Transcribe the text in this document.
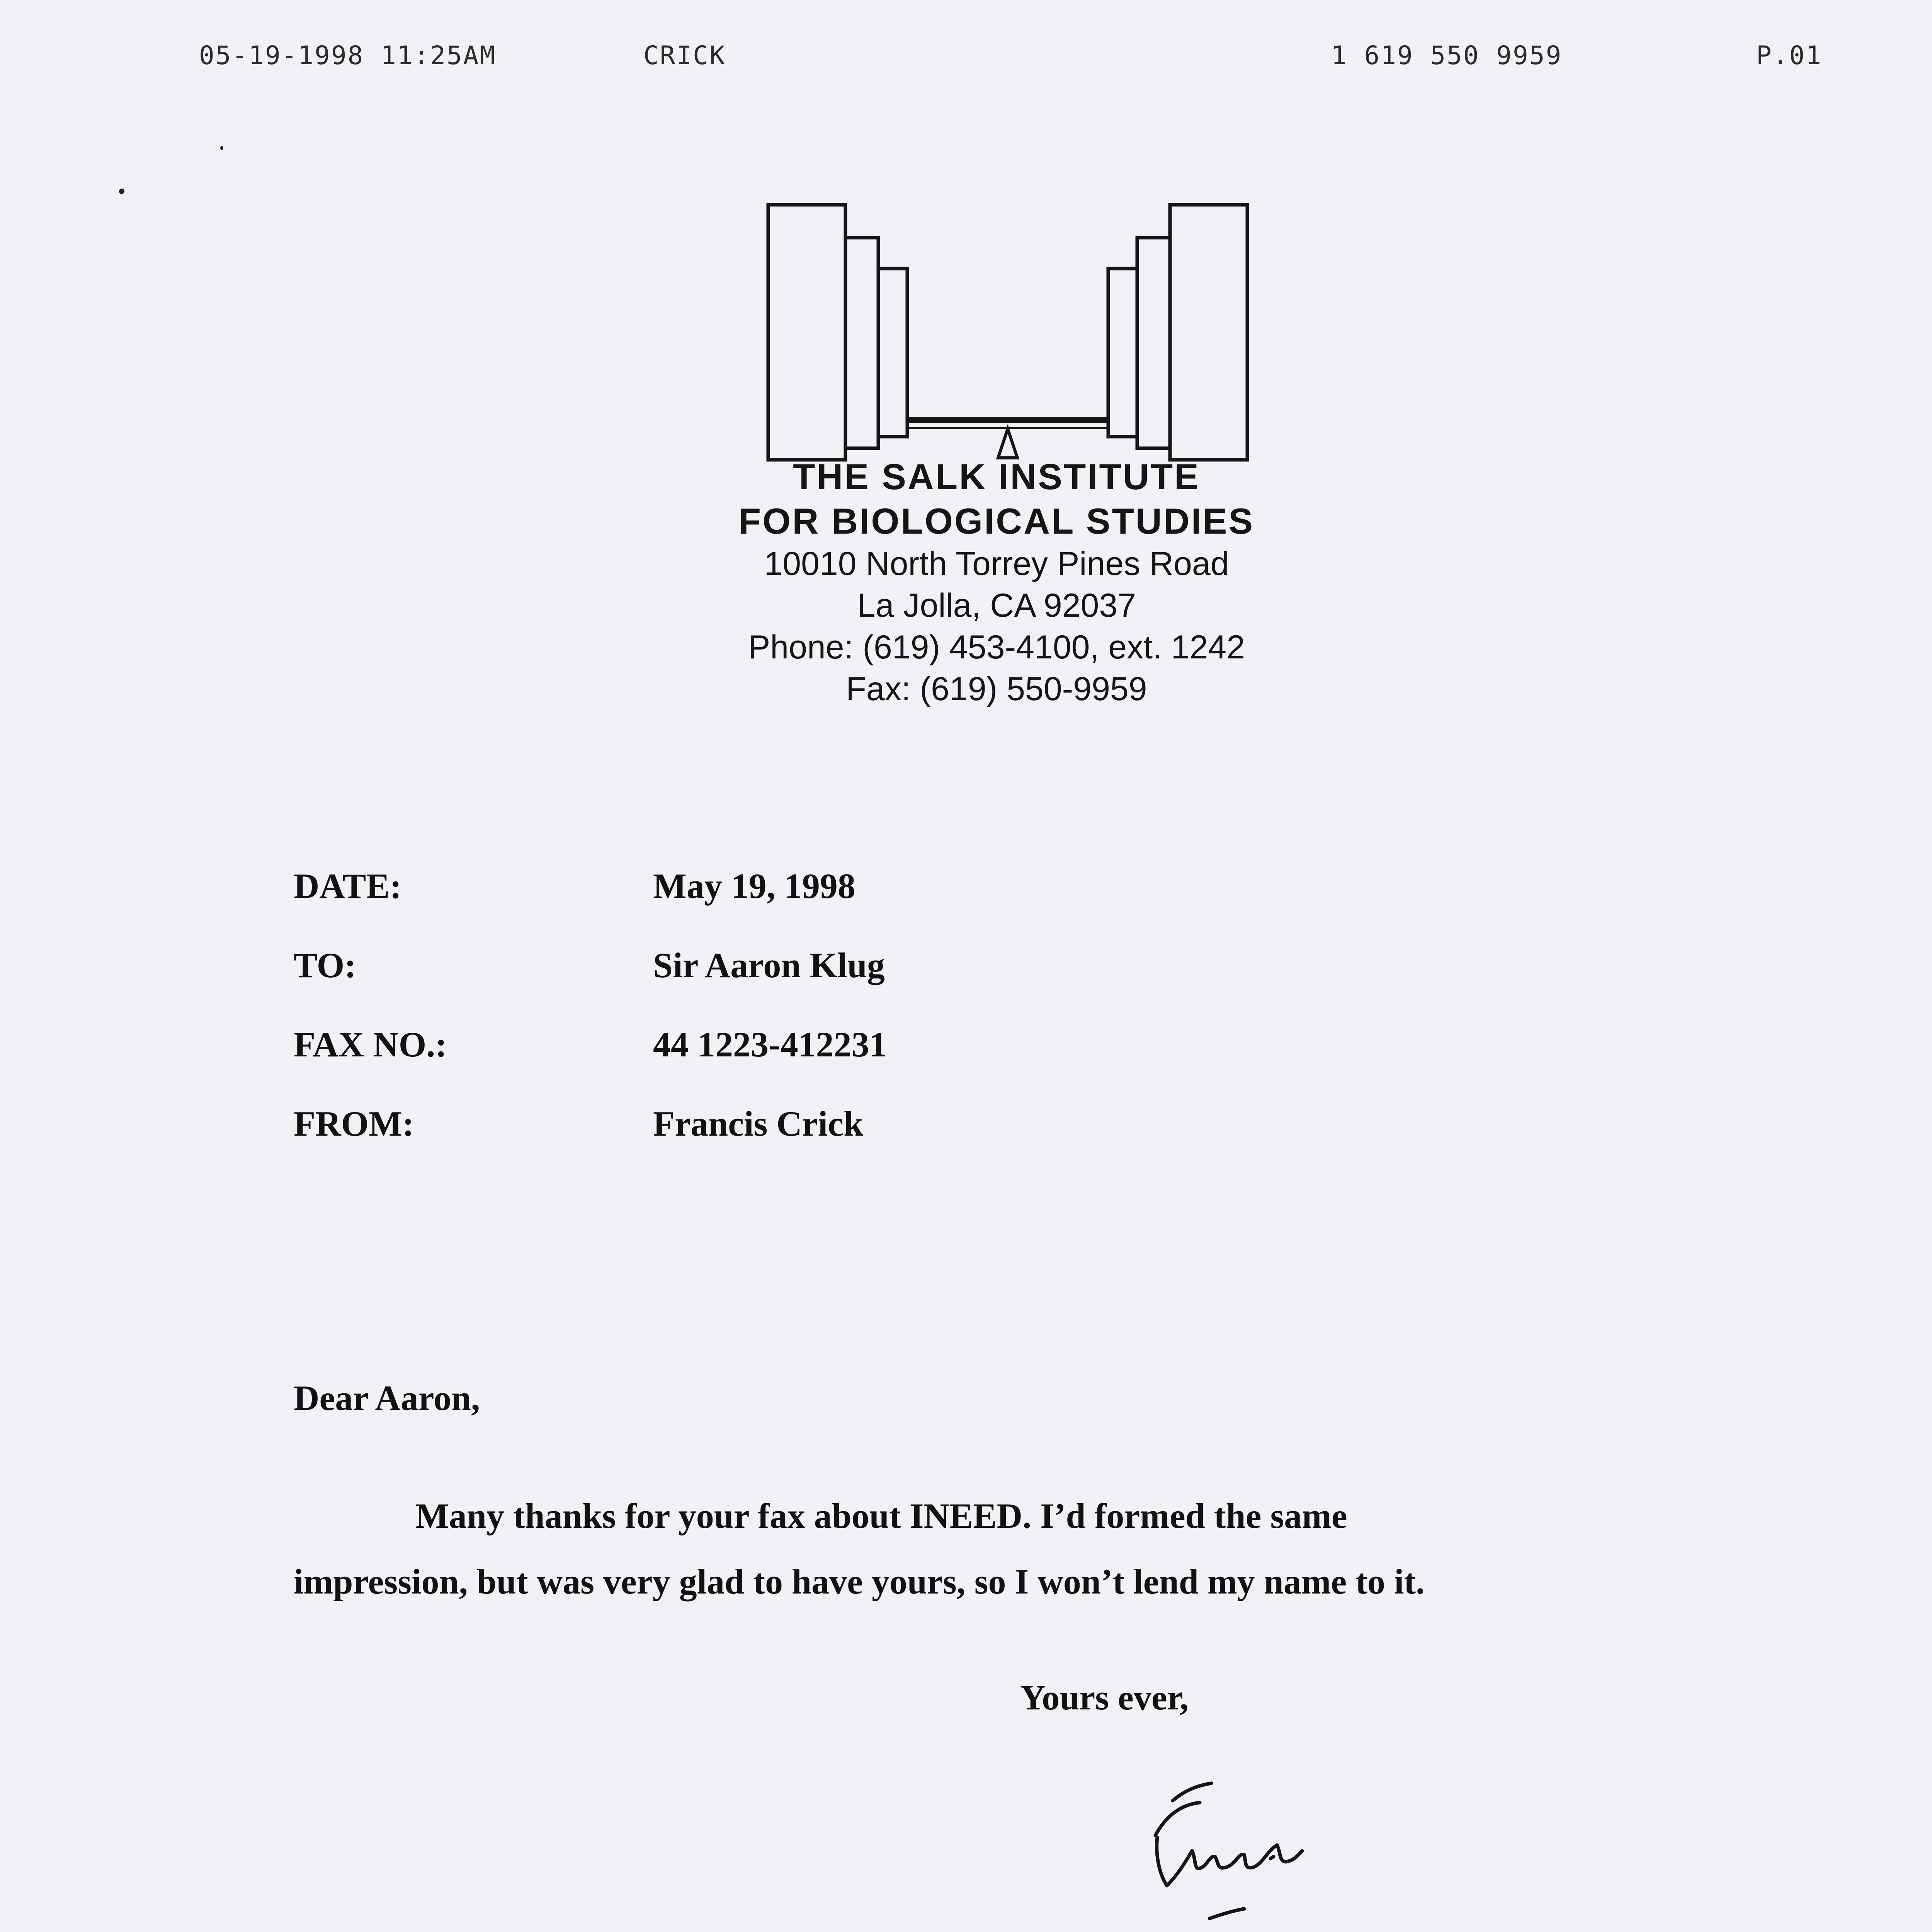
05-19-1998 11:25AM	CRICK	1 619 550 9959	P.01
THE SALK INSTITUTE
FOR BIOLOGICAL STUDIES
10010 North Torrey Pines Road
La Jolla, CA 92037
Phone: (619) 453-4100, ext. 1242
Fax: (619) 550-9959
DATE:	May 19, 1998
TO:	Sir Aaron Klug
FAX NO.:	44 1223-412231
FROM:	Francis Crick
Dear Aaron,
Many thanks for your fax about INEED. I’d formed the same
impression, but was very glad to have yours, so I won’t lend my name to it.
Yours ever,
